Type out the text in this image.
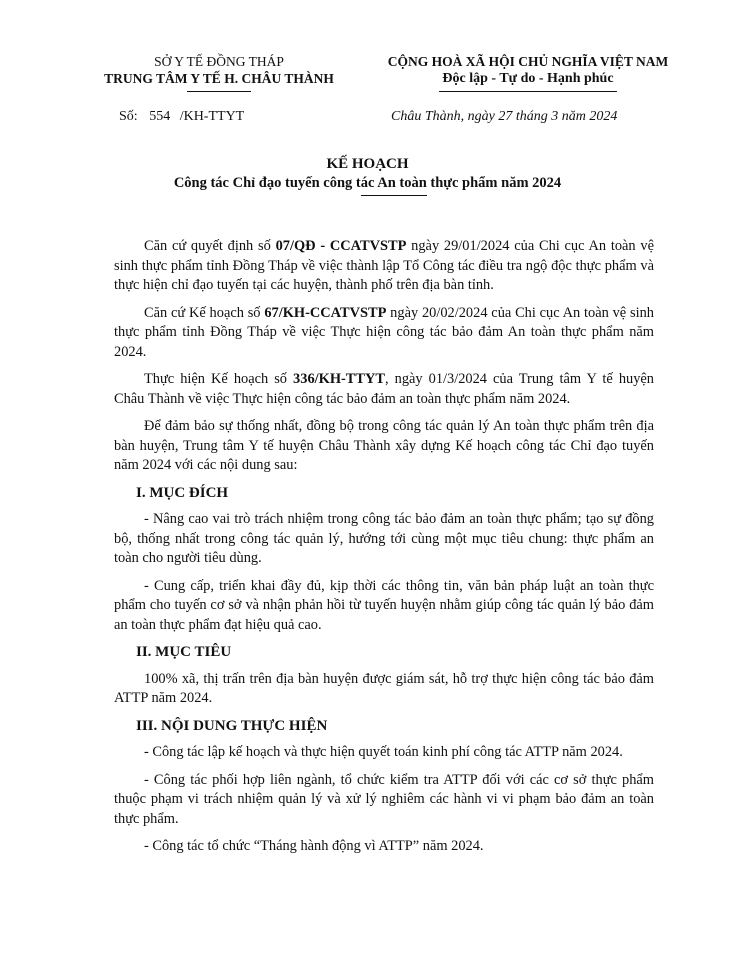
SỞ Y TẾ ĐỒNG THÁP
TRUNG TÂM Y TẾ H. CHÂU THÀNH
CỘNG HOÀ XÃ HỘI CHỦ NGHĨA VIỆT NAM
Độc lập - Tự do - Hạnh phúc
Số: 554 /KH-TTYT	Châu Thành, ngày 27 tháng 3 năm 2024
KẾ HOẠCH
Công tác Chỉ đạo tuyến công tác An toàn thực phẩm năm 2024

Căn cứ quyết định số 07/QĐ - CCATVSTP ngày 29/01/2024 của Chi cục An toàn vệ sinh thực phẩm tỉnh Đồng Tháp về việc thành lập Tổ Công tác điều tra ngộ độc thực phẩm và thực hiện chỉ đạo tuyến tại các huyện, thành phố trên địa bàn tỉnh.

Căn cứ Kế hoạch số 67/KH-CCATVSTP ngày 20/02/2024 của Chi cục An toàn vệ sinh thực phẩm tỉnh Đồng Tháp về việc Thực hiện công tác bảo đảm An toàn thực phẩm năm 2024.

Thực hiện Kế hoạch số 336/KH-TTYT, ngày 01/3/2024 của Trung tâm Y tế huyện Châu Thành về việc Thực hiện công tác bảo đảm an toàn thực phẩm năm 2024.

Để đảm bảo sự thống nhất, đồng bộ trong công tác quản lý An toàn thực phẩm trên địa bàn huyện, Trung tâm Y tế huyện Châu Thành xây dựng Kế hoạch công tác Chỉ đạo tuyến năm 2024 với các nội dung sau:

I. MỤC ĐÍCH

- Nâng cao vai trò trách nhiệm trong công tác bảo đảm an toàn thực phẩm; tạo sự đồng bộ, thống nhất trong công tác quản lý, hướng tới cùng một mục tiêu chung: thực phẩm an toàn cho người tiêu dùng.

- Cung cấp, triển khai đầy đủ, kịp thời các thông tin, văn bản pháp luật an toàn thực phẩm cho tuyến cơ sở và nhận phản hồi từ tuyến huyện nhằm giúp công tác quản lý bảo đảm an toàn thực phẩm đạt hiệu quả cao.

II. MỤC TIÊU

100% xã, thị trấn trên địa bàn huyện được giám sát, hỗ trợ thực hiện công tác bảo đảm ATTP năm 2024.

III. NỘI DUNG THỰC HIỆN

- Công tác lập kế hoạch và thực hiện quyết toán kinh phí công tác ATTP năm 2024.

- Công tác phối hợp liên ngành, tổ chức kiểm tra ATTP đối với các cơ sở thực phẩm thuộc phạm vi trách nhiệm quản lý và xử lý nghiêm các hành vi vi phạm bảo đảm an toàn thực phẩm.

- Công tác tổ chức “Tháng hành động vì ATTP” năm 2024.
